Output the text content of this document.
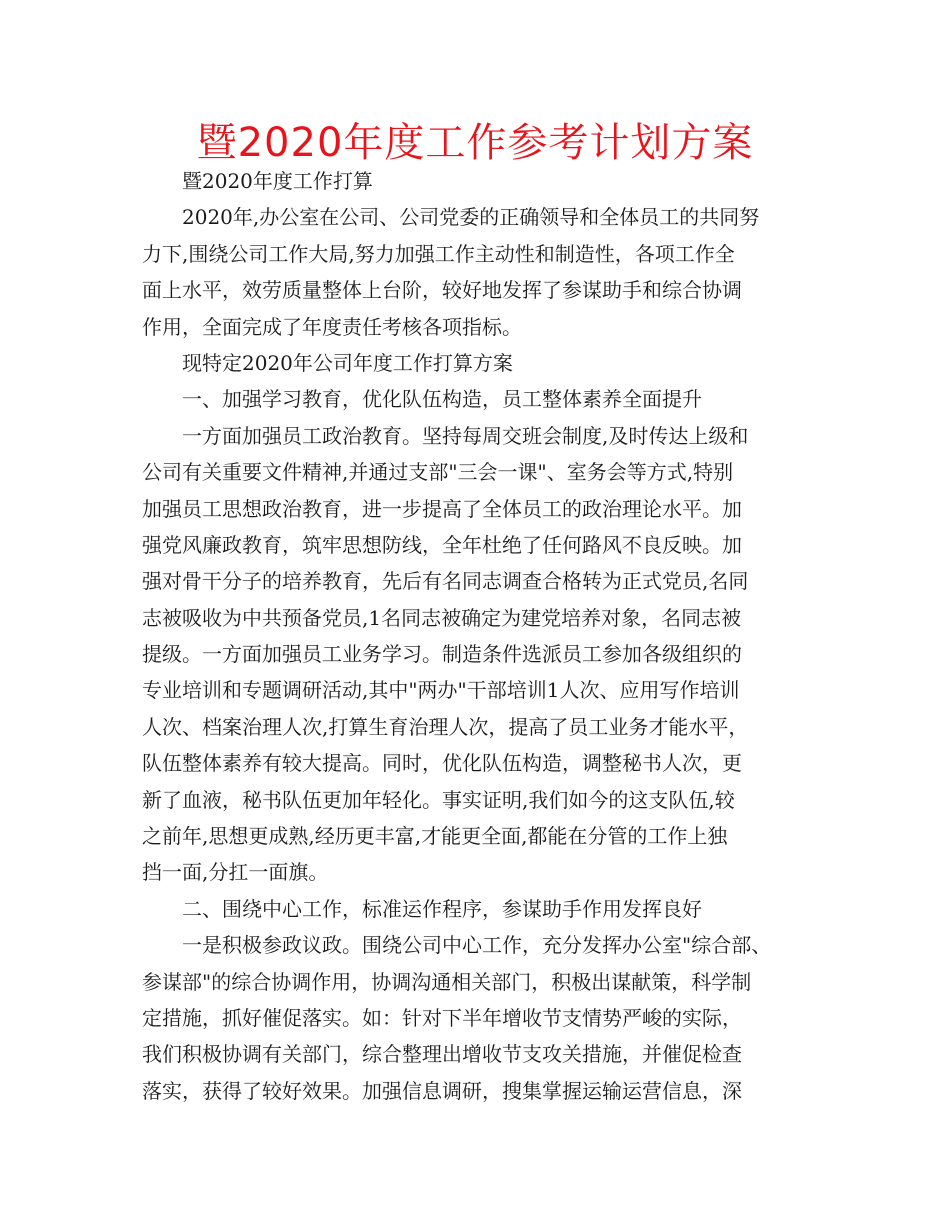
暨2020年度工作参考计划方案
暨2020年度工作打算
2020年,办公室在公司、公司党委的正确领导和全体员工的共同努
力下,围绕公司工作大局,努力加强工作主动性和制造性，各项工作全
面上水平，效劳质量整体上台阶，较好地发挥了参谋助手和综合协调
作用，全面完成了年度责任考核各项指标。
现特定2020年公司年度工作打算方案
一、加强学习教育，优化队伍构造，员工整体素养全面提升
一方面加强员工政治教育。坚持每周交班会制度,及时传达上级和
公司有关重要文件精神,并通过支部"三会一课"、室务会等方式,特别
加强员工思想政治教育，进一步提高了全体员工的政治理论水平。加
强党风廉政教育，筑牢思想防线，全年杜绝了任何路风不良反映。加
强对骨干分子的培养教育，先后有名同志调查合格转为正式党员,名同
志被吸收为中共预备党员,1名同志被确定为建党培养对象，名同志被
提级。一方面加强员工业务学习。制造条件选派员工参加各级组织的
专业培训和专题调研活动,其中"两办"干部培训1人次、应用写作培训
人次、档案治理人次,打算生育治理人次，提高了员工业务才能水平，
队伍整体素养有较大提高。同时，优化队伍构造，调整秘书人次，更
新了血液，秘书队伍更加年轻化。事实证明,我们如今的这支队伍,较
之前年,思想更成熟,经历更丰富,才能更全面,都能在分管的工作上独
挡一面,分扛一面旗。
二、围绕中心工作，标准运作程序，参谋助手作用发挥良好
一是积极参政议政。围绕公司中心工作，充分发挥办公室"综合部、
参谋部"的综合协调作用，协调沟通相关部门，积极出谋献策，科学制
定措施，抓好催促落实。如：针对下半年增收节支情势严峻的实际，
我们积极协调有关部门，综合整理出增收节支攻关措施，并催促检查
落实，获得了较好效果。加强信息调研，搜集掌握运输运营信息，深
